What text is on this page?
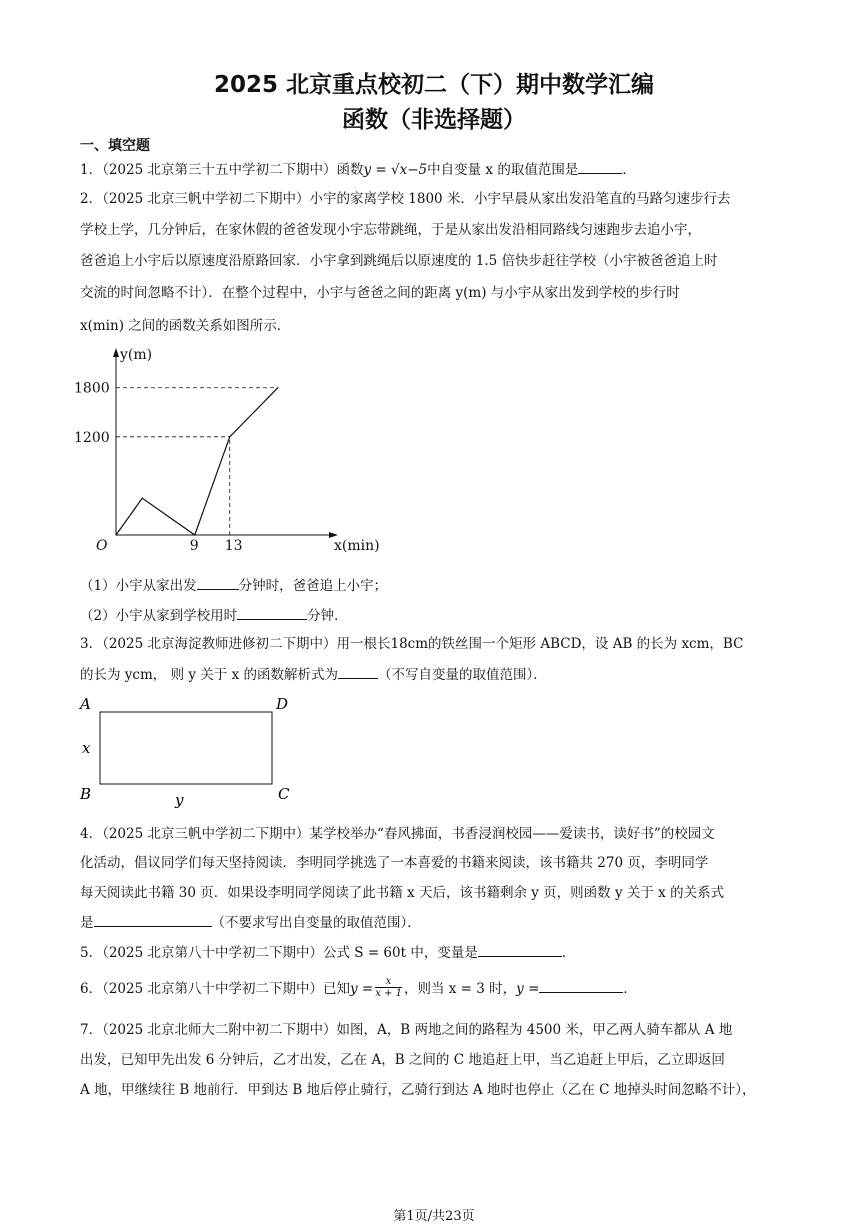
2025 北京重点校初二（下）期中数学汇编
函数（非选择题）
一、填空题
1．（2025 北京第三十五中学初二下期中）函数y = √x−5中自变量 x 的取值范围是	．
2．（2025 北京三帆中学初二下期中）小宇的家离学校 1800 米．小宇早晨从家出发沿笔直的马路匀速步行去
学校上学，几分钟后，在家休假的爸爸发现小宇忘带跳绳，于是从家出发沿相同路线匀速跑步去追小宇，
爸爸追上小宇后以原速度沿原路回家．小宇拿到跳绳后以原速度的 1.5 倍快步赶往学校（小宇被爸爸追上时
交流的时间忽略不计）．在整个过程中，小宇与爸爸之间的距离 y(m) 与小宇从家出发到学校的步行时
x(min) 之间的函数关系如图所示．
y(m)
x(min)
O
1200
1800
9 13
（1）小宇从家出发	分钟时，爸爸追上小宇；
（2）小宇从家到学校用时	分钟．
3．（2025 北京海淀教师进修初二下期中）用一根长18cm的铁丝围一个矩形 ABCD，设 AB 的长为 xcm，BC
的长为 ycm， 则 y 关于 x 的函数解析式为	（不写自变量的取值范围）．
A	D
B	C
x
y
4．（2025 北京三帆中学初二下期中）某学校举办“春风拂面，书香浸润校园——爱读书，读好书”的校园文
化活动，倡议同学们每天坚持阅读．李明同学挑选了一本喜爱的书籍来阅读，该书籍共 270 页，李明同学
每天阅读此书籍 30 页．如果设李明同学阅读了此书籍 x 天后，该书籍剩余 y 页，则函数 y 关于 x 的关系式
是	（不要求写出自变量的取值范围）．
5．（2025 北京第八十中学初二下期中）公式 S = 60t 中，变量是	．
6．（2025 北京第八十中学初二下期中）已知$y = \frac{x}{x + 1}$ ，则当 x = 3 时，y =	．
7．（2025 北京北师大二附中初二下期中）如图，A，B 两地之间的路程为 4500 米，甲乙两人骑车都从 A 地
出发，已知甲先出发 6 分钟后，乙才出发，乙在 A，B 之间的 C 地追赶上甲，当乙追赶上甲后，乙立即返回
A 地，甲继续往 B 地前行．甲到达 B 地后停止骑行，乙骑行到达 A 地时也停止（乙在 C 地掉头时间忽略不计），
第1页/共23页
